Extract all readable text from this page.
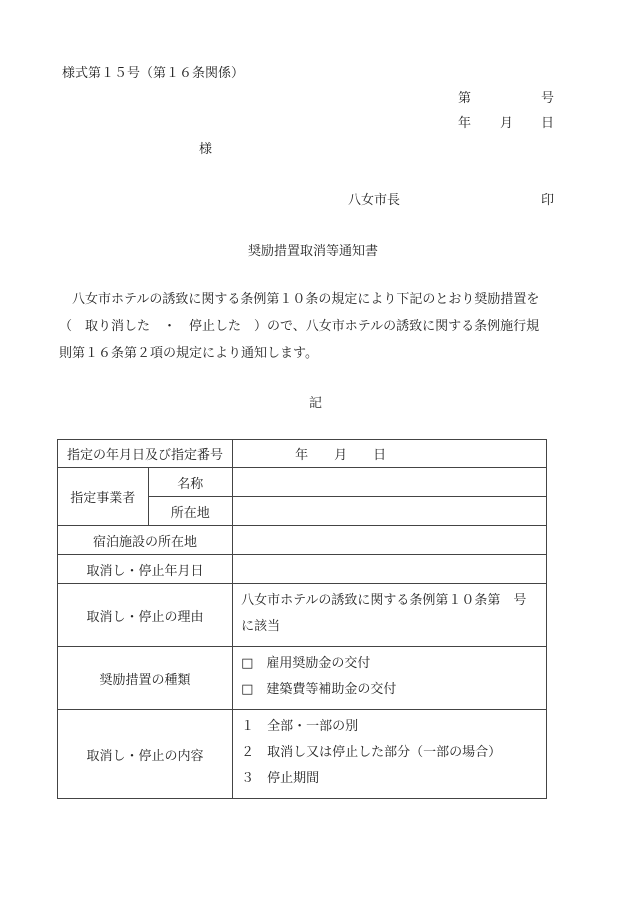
様式第１５号（第１６条関係）
第	号
年 月 日
様
八女市長	印
奨励措置取消等通知書
八女市ホテルの誘致に関する条例第１０条の規定により下記のとおり奨励措置を
（　取り消した　・　停止した　）ので、八女市ホテルの誘致に関する条例施行規
則第１６条第２項の規定により通知します。
記
指定の年月日及び指定番号		年　　月　　日
指定事業者	名称	
	所在地	
宿泊施設の所在地		
取消し・停止年月日		
取消し・停止の理由		八女市ホテルの誘致に関する条例第１０条第　号
に該当

奨励措置の種類		□　雇用奨励金の交付
□　建築費等補助金の交付

取消し・停止の内容		１　全部・一部の別
２　取消し又は停止した部分（一部の場合）
３　停止期間
